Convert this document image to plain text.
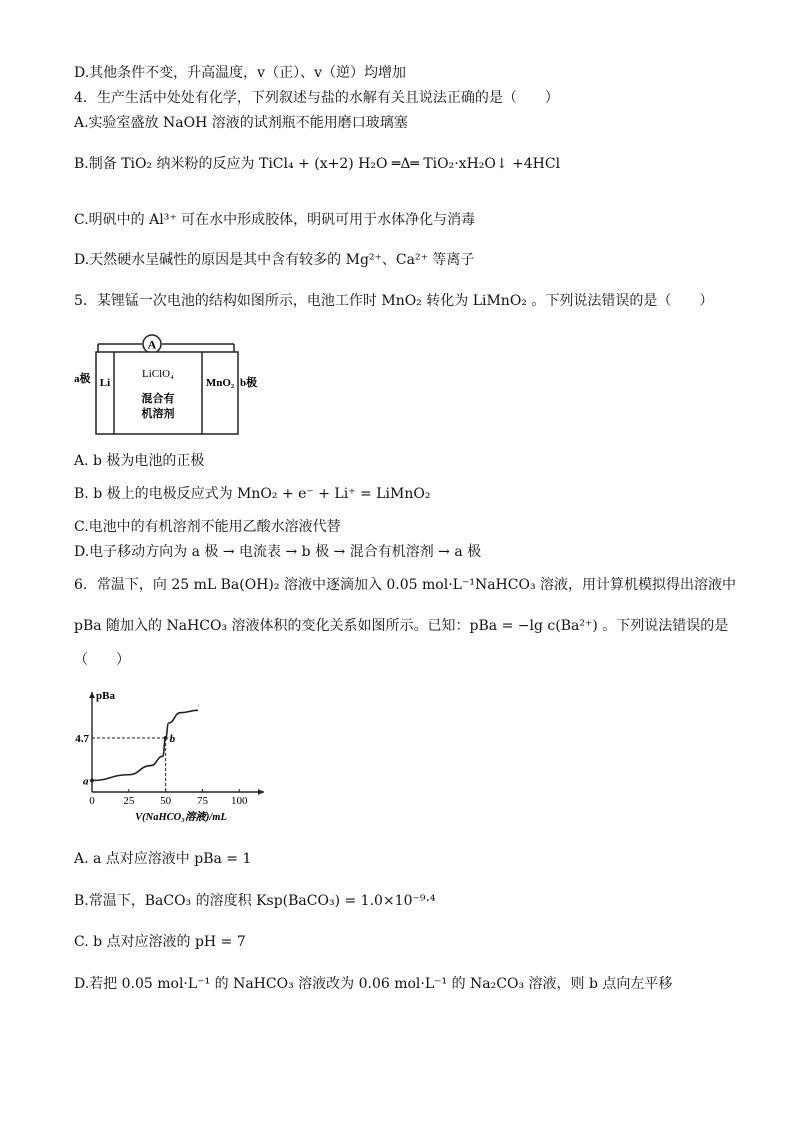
D.其他条件不变，升高温度，v（正）、v（逆）均增加
4．生产生活中处处有化学，下列叙述与盐的水解有关且说法正确的是（　　）
A.实验室盛放 NaOH 溶液的试剂瓶不能用磨口玻璃塞
B.制备 TiO₂ 纳米粉的反应为 TiCl₄ + (x+2) H₂O ═Δ═ TiO₂·xH₂O↓ +4HCl
C.明矾中的 Al³⁺ 可在水中形成胶体，明矾可用于水体净化与消毒
D.天然硬水呈碱性的原因是其中含有较多的 Mg²⁺、Ca²⁺ 等离子
5．某锂锰一次电池的结构如图所示，电池工作时 MnO₂ 转化为 LiMnO₂ 。下列说法错误的是（　　）
A
a极 Li
LiClO₄
混合有
机溶剂
MnO₂ b极
A. b 极为电池的正极
B. b 极上的电极反应式为 MnO₂ + e⁻ + Li⁺ = LiMnO₂
C.电池中的有机溶剂不能用乙酸水溶液代替
D.电子移动方向为 a 极 → 电流表 → b 极 → 混合有机溶剂 → a 极
6．常温下，向 25 mL Ba(OH)₂ 溶液中逐滴加入 0.05 mol·L⁻¹NaHCO₃ 溶液，用计算机模拟得出溶液中
pBa 随加入的 NaHCO₃ 溶液体积的变化关系如图所示。已知：pBa = −lg c(Ba²⁺) 。下列说法错误的是
（　　）
pBa
0	25 50 75 100
V(NaHCO₃溶液)/mL
4.7
a
b
A. a 点对应溶液中 pBa = 1
B.常温下，BaCO₃ 的溶度积 Ksp(BaCO₃) = 1.0×10⁻⁹·⁴
C. b 点对应溶液的 pH = 7
D.若把 0.05 mol·L⁻¹ 的 NaHCO₃ 溶液改为 0.06 mol·L⁻¹ 的 Na₂CO₃ 溶液，则 b 点向左平移
